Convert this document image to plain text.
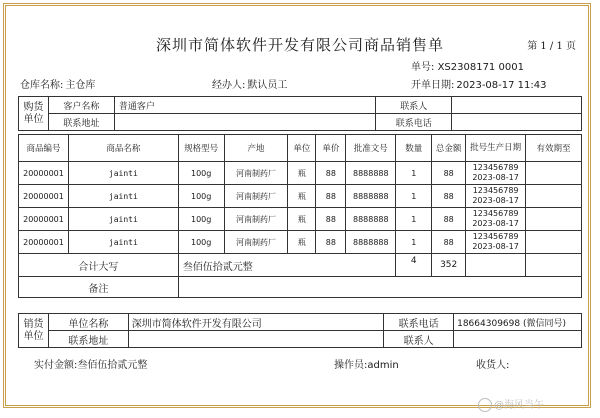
深圳市简体软件开发有限公司商品销售单	第 1 / 1 页
单号: XS2308171 0001
仓库名称: 主仓库	经办人: 默认员工	开单日期: 2023-08-17 11:43
购货单位	客户名称	普通客户	联系人	
	联系地址		联系电话	
商品编号	商品名称	规格型号	产地	单位	单价	批准文号	数量	总金额	批号生产日期	有效期至
20000001	jainti	100g	河南制药厂	瓶	88	8888888	1	88	123456789
2023-08-17	

20000001	jainti	100g	河南制药厂	瓶	88	8888888	1	88	123456789
2023-08-17	

20000001	jainti	100g	河南制药厂	瓶	88	8888888	1	88	123456789
2023-08-17	

20000001	jainti	100g	河南制药厂	瓶	88	8888888	1	88	123456789
2023-08-17	

合计大写		叁佰伍拾贰元整					4	352		
备注										
销货单位	单位名称	深圳市简体软件开发有限公司	联系电话	18664309698 (微信同号)
	联系地址		联系人	
实付金额:叁佰伍拾贰元整	操作员:admin	收货人:
@海风当午
